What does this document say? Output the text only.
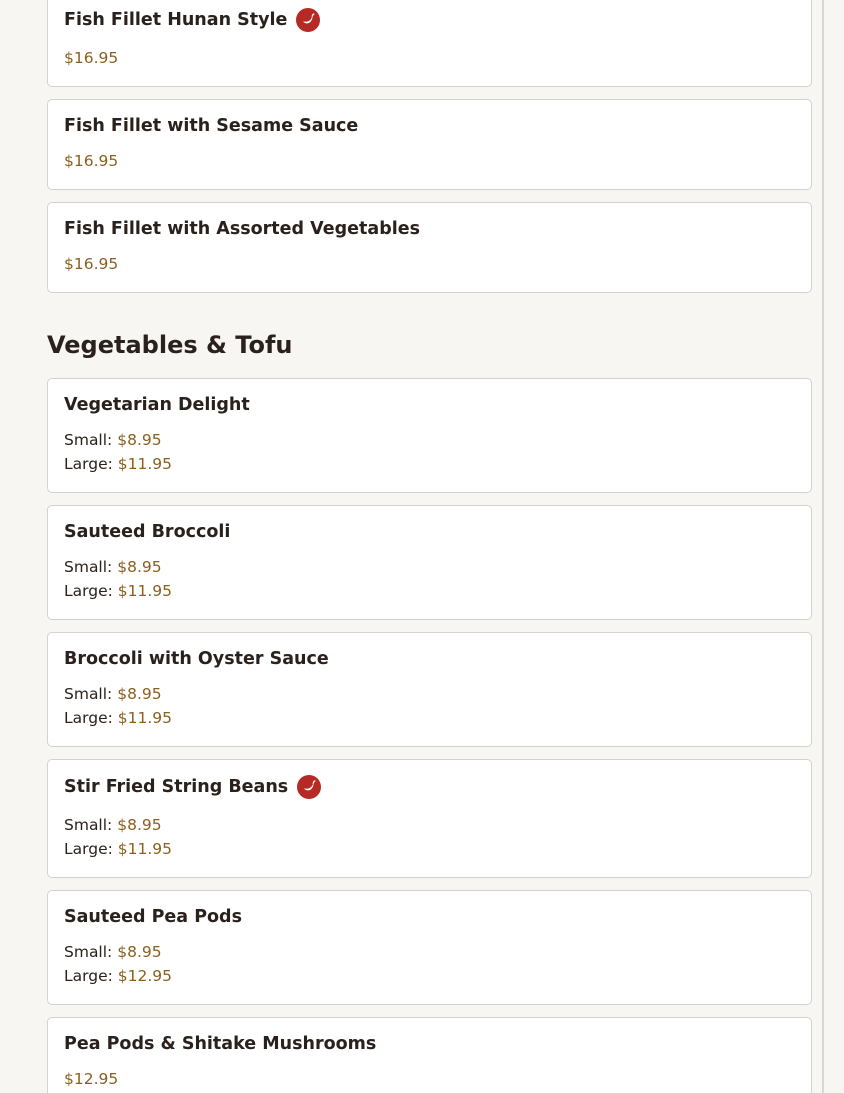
Fish Fillet Hunan Style
$16.95
Fish Fillet with Sesame Sauce
$16.95
Fish Fillet with Assorted Vegetables
$16.95
Vegetables & Tofu
Vegetarian Delight
Small: $8.95
Large: $11.95
Sauteed Broccoli
Small: $8.95
Large: $11.95
Broccoli with Oyster Sauce
Small: $8.95
Large: $11.95
Stir Fried String Beans
Small: $8.95
Large: $11.95
Sauteed Pea Pods
Small: $8.95
Large: $12.95
Pea Pods & Shitake Mushrooms
$12.95
